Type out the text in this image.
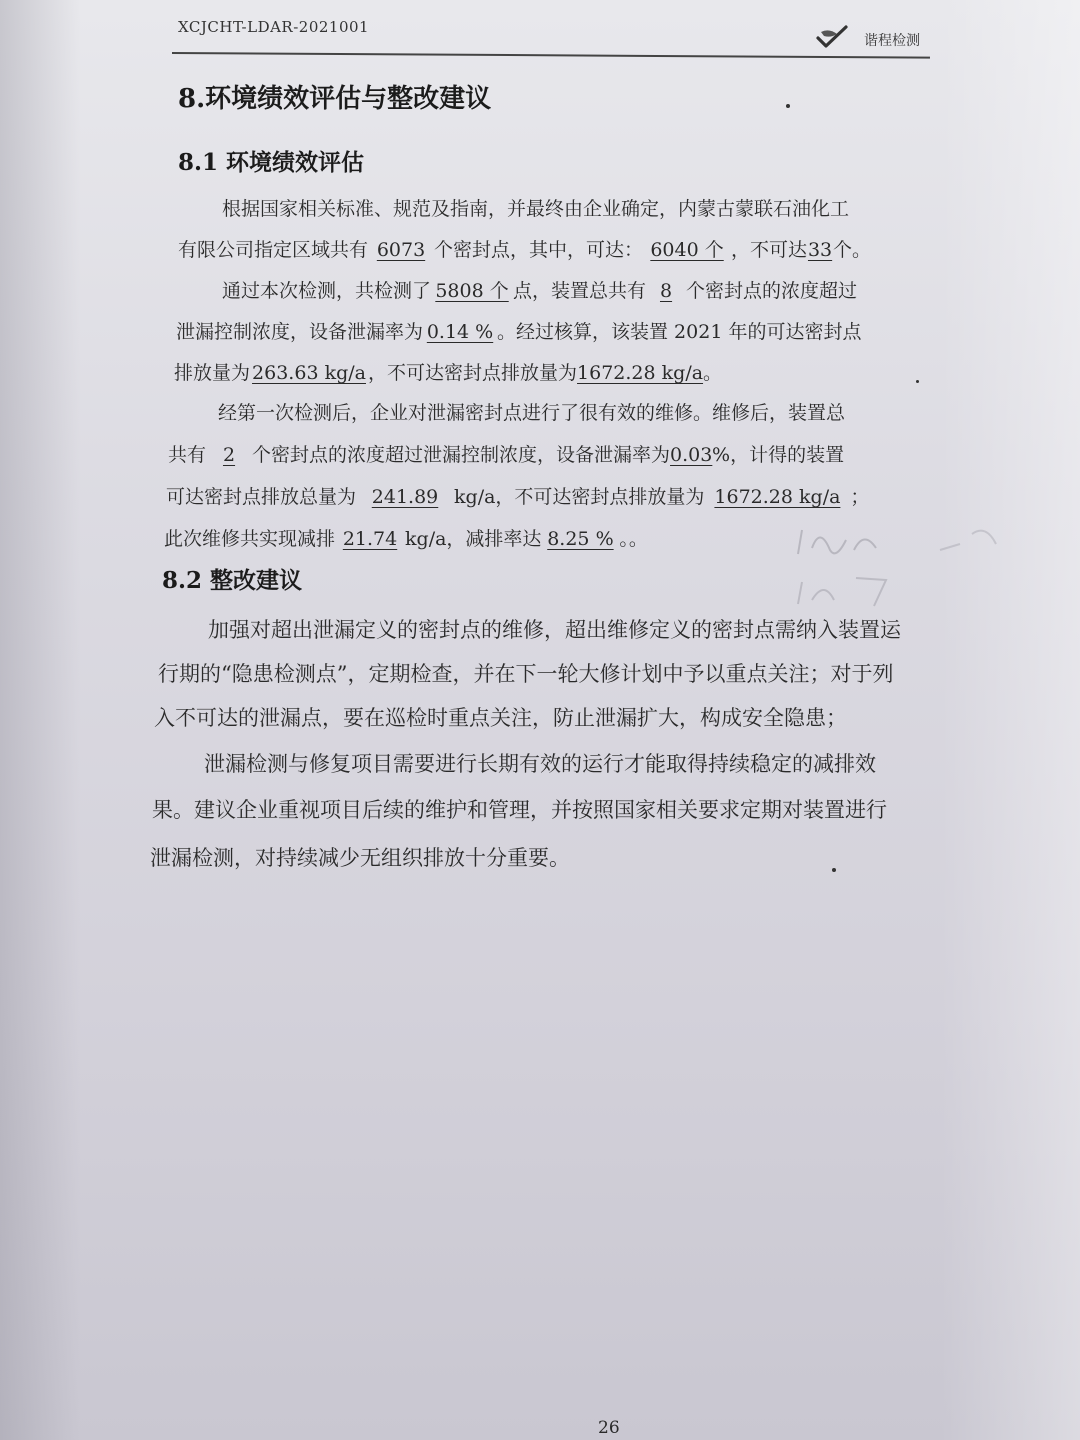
XCJCHT-LDAR-2021001
谐程检测
8.环境绩效评估与整改建议
8.1 环境绩效评估
根据国家相关标准、规范及指南，并最终由企业确定，内蒙古蒙联石油化工
有限公司指定区域共有 6073 个密封点，其中，可达： 6040 个 ，不可达33个。
通过本次检测，共检测了 5808 个 点，装置总共有 8 个密封点的浓度超过
泄漏控制浓度，设备泄漏率为 0.14 % 。经过核算，该装置 2021 年的可达密封点
排放量为 263.63 kg/a ，不可达密封点排放量为1672.28 kg/a。
经第一次检测后，企业对泄漏密封点进行了很有效的维修。维修后，装置总
共有 2 个密封点的浓度超过泄漏控制浓度，设备泄漏率为0.03%，计得的装置
可达密封点排放总量为 241.89 kg/a，不可达密封点排放量为 1672.28 kg/a ；
此次维修共实现减排 21.74 kg/a，减排率达 8.25 % 。。
8.2 整改建议
加强对超出泄漏定义的密封点的维修，超出维修定义的密封点需纳入装置运
行期的“隐患检测点”，定期检查，并在下一轮大修计划中予以重点关注；对于列
入不可达的泄漏点，要在巡检时重点关注，防止泄漏扩大，构成安全隐患；
泄漏检测与修复项目需要进行长期有效的运行才能取得持续稳定的减排效
果。建议企业重视项目后续的维护和管理，并按照国家相关要求定期对装置进行
泄漏检测，对持续减少无组织排放十分重要。
26
